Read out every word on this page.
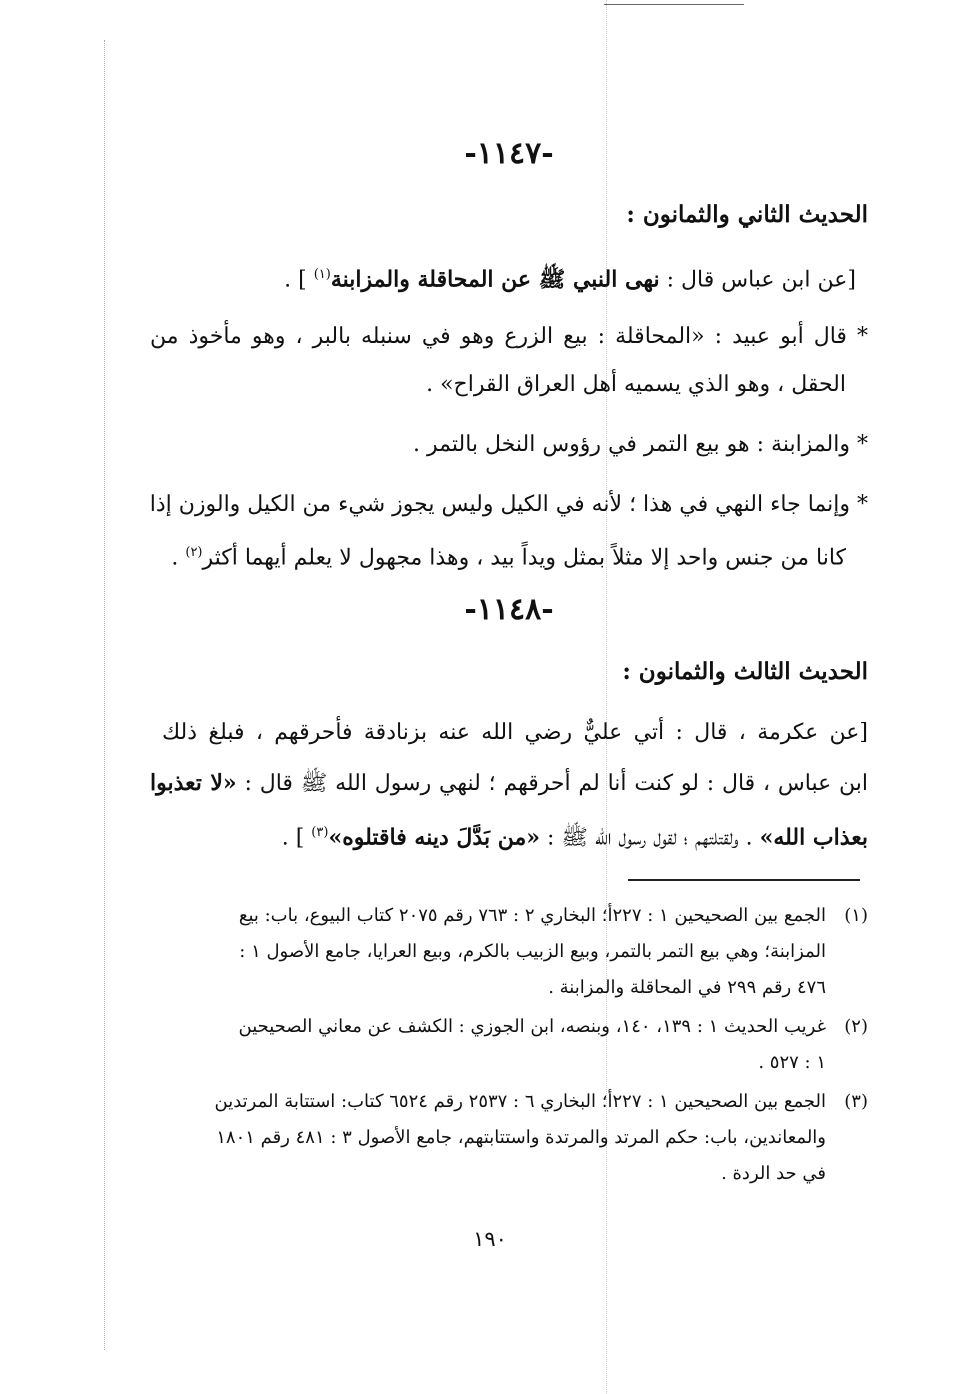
-١١٤٧-
الحديث الثاني والثمانون :
[عن ابن عباس قال : نهى النبي ﷺ عن المحاقلة والمزابنة$^{(١)}$ ] .
* قال أبو عبيد : «المحاقلة : بيع الزرع وهو في سنبله بالبر ، وهو مأخوذ من
الحقل ، وهو الذي يسميه أهل العراق القراح» .
* والمزابنة : هو بيع التمر في رؤوس النخل بالتمر .
* وإنما جاء النهي في هذا ؛ لأنه في الكيل وليس يجوز شيء من الكيل والوزن إذا
كانا من جنس واحد إلا مثلاً بمثل ويداً بيد ، وهذا مجهول لا يعلم أيهما أكثر$^{(٢)}$ .
-١١٤٨-
الحديث الثالث والثمانون :
[عن عكرمة ، قال : أتي عليٌّ رضي الله عنه بزنادقة فأحرقهم ، فبلغ ذلك
ابن عباس ، قال : لو كنت أنا لم أحرقهم ؛ لنهي رسول الله ﷺ قال : «لا تعذبوا
بعذاب الله» . ولقتلتهم ؛ لقول رسول الله ﷺ : «من بَدَّلَ دينه فاقتلوه»$^{(٣)}$ ] .
(١)الجمع بين الصحيحين ١ : ٢٢٧أ؛ البخاري ٢ : ٧٦٣ رقم ٢٠٧٥ كتاب البيوع، باب: بيع
المزابنة؛ وهي بيع التمر بالتمر، وبيع الزبيب بالكرم، وبيع العرايا، جامع الأصول ١ :
٤٧٦ رقم ٢٩٩ في المحاقلة والمزابنة .
(٢)غريب الحديث ١ : ١٣٩، ١٤٠، وبنصه، ابن الجوزي : الكشف عن معاني الصحيحين
١ : ٥٢٧ .
(٣)الجمع بين الصحيحين ١ : ٢٢٧أ؛ البخاري ٦ : ٢٥٣٧ رقم ٦٥٢٤ كتاب: استتابة المرتدين
والمعاندين، باب: حكم المرتد والمرتدة واستتابتهم، جامع الأصول ٣ : ٤٨١ رقم ١٨٠١
في حد الردة .
١٩٠
